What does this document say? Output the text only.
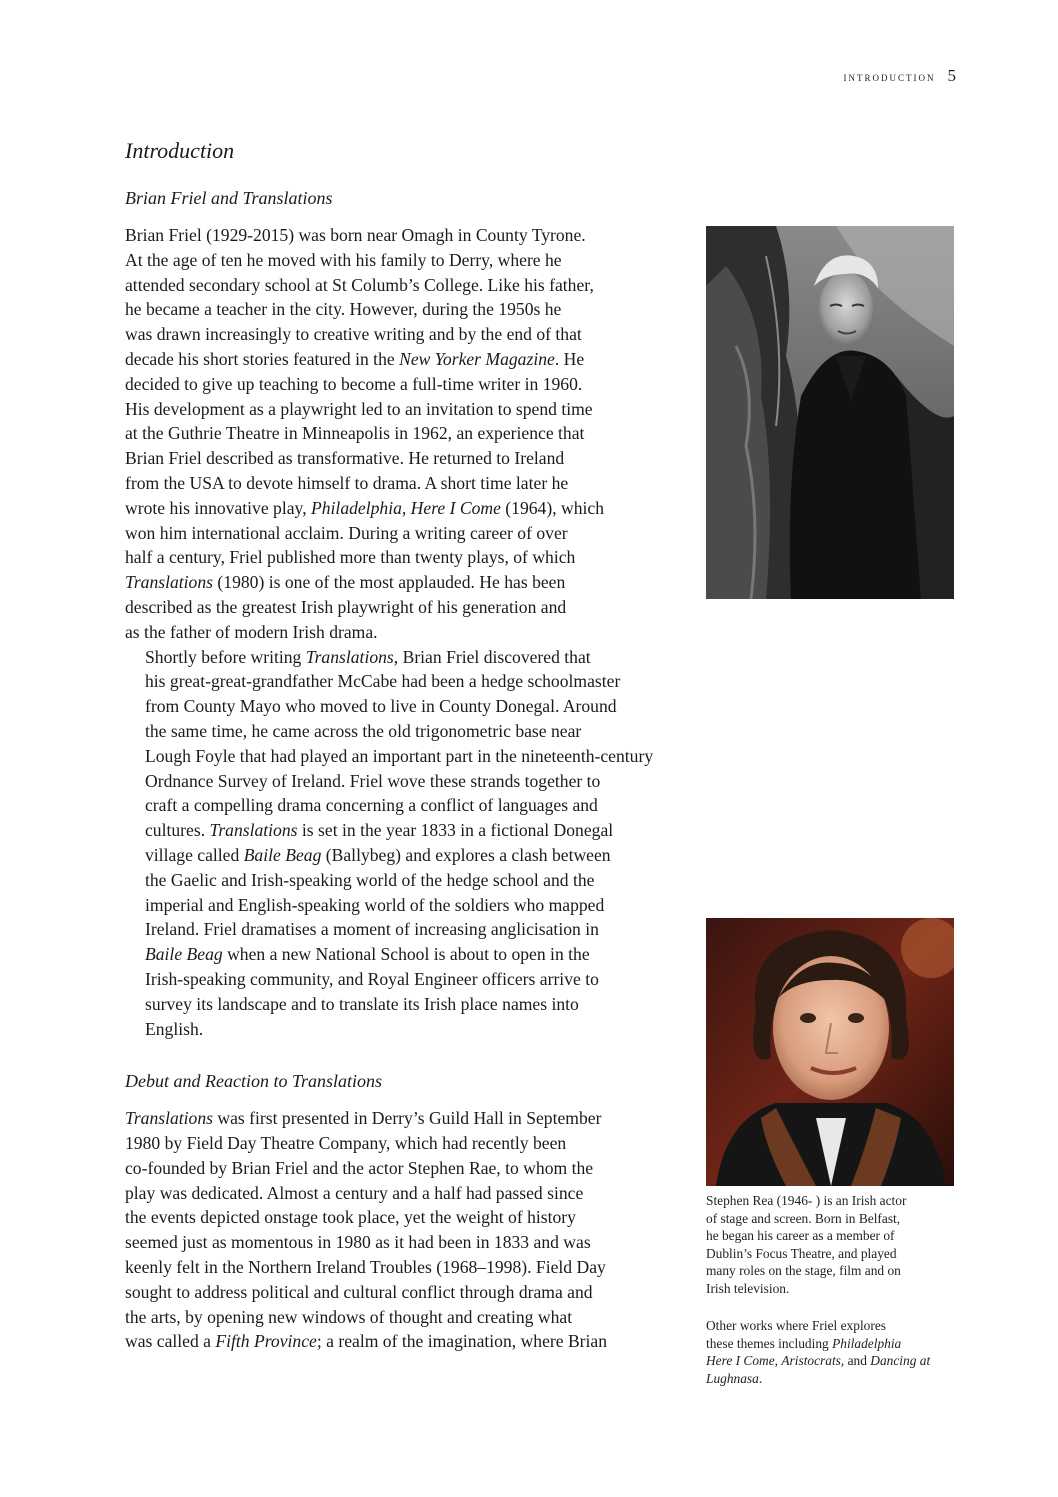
introduction 5
Introduction
Brian Friel and Translations

Brian Friel (1929-2015) was born near Omagh in County Tyrone.
At the age of ten he moved with his family to Derry, where he
attended secondary school at St Columb’s College. Like his father,
he became a teacher in the city. However, during the 1950s he
was drawn increasingly to creative writing and by the end of that
decade his short stories featured in the New Yorker Magazine. He
decided to give up teaching to become a full-time writer in 1960.
His development as a playwright led to an invitation to spend time
at the Guthrie Theatre in Minneapolis in 1962, an experience that
Brian Friel described as transformative. He returned to Ireland
from the USA to devote himself to drama. A short time later he
wrote his innovative play, Philadelphia, Here I Come (1964), which
won him international acclaim. During a writing career of over
half a century, Friel published more than twenty plays, of which
Translations (1980) is one of the most applauded. He has been
described as the greatest Irish playwright of his generation and
as the father of modern Irish drama.

Shortly before writing Translations, Brian Friel discovered that
his great-great-grandfather McCabe had been a hedge schoolmaster
from County Mayo who moved to live in County Donegal. Around
the same time, he came across the old trigonometric base near
Lough Foyle that had played an important part in the nineteenth-century
Ordnance Survey of Ireland. Friel wove these strands together to
craft a compelling drama concerning a conflict of languages and
cultures. Translations is set in the year 1833 in a fictional Donegal
village called Baile Beag (Ballybeg) and explores a clash between
the Gaelic and Irish-speaking world of the hedge school and the
imperial and English-speaking world of the soldiers who mapped
Ireland. Friel dramatises a moment of increasing anglicisation in
Baile Beag when a new National School is about to open in the
Irish-speaking community, and Royal Engineer officers arrive to
survey its landscape and to translate its Irish place names into
English.

Debut and Reaction to Translations

Translations was first presented in Derry’s Guild Hall in September
1980 by Field Day Theatre Company, which had recently been
co-founded by Brian Friel and the actor Stephen Rae, to whom the
play was dedicated. Almost a century and a half had passed since
the events depicted onstage took place, yet the weight of history
seemed just as momentous in 1980 as it had been in 1833 and was
keenly felt in the Northern Ireland Troubles (1968–1998). Field Day
sought to address political and cultural conflict through drama and
the arts, by opening new windows of thought and creating what
was called a Fifth Province; a realm of the imagination, where Brian

Stephen Rea (1946- ) is an Irish actor
of stage and screen. Born in Belfast,
he began his career as a member of
Dublin’s Focus Theatre, and played
many roles on the stage, film and on
Irish television.
Other works where Friel explores
these themes including Philadelphia
Here I Come, Aristocrats, and Dancing at
Lughnasa.
